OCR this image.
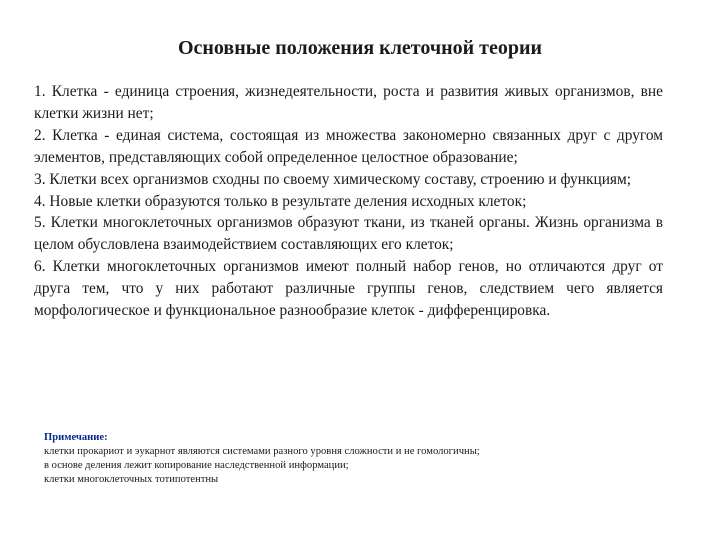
Основные положения клеточной теории
1. Клетка - единица строения, жизнедеятельности, роста и развития живых организмов, вне клетки жизни нет;
2. Клетка - единая система, состоящая из множества закономерно связанных друг с другом элементов, представляющих собой определенное целостное образование;
3. Клетки всех организмов сходны по своему химическому составу, строению и функциям;
4. Новые клетки образуются только в результате деления исходных клеток;
5. Клетки многоклеточных организмов образуют ткани, из тканей органы. Жизнь организма в целом обусловлена взаимодействием составляющих его клеток;
6. Клетки многоклеточных организмов имеют полный набор генов, но отличаются друг от друга тем, что у них работают различные группы генов, следствием чего является морфологическое и функциональное разнообразие клеток - дифференцировка.
Примечание:
клетки прокариот и эукарнот являются системами разного уровня сложности и не гомологичны;
в основе деления лежит копирование наследственной информации;
клетки многоклеточных тотипотентны
